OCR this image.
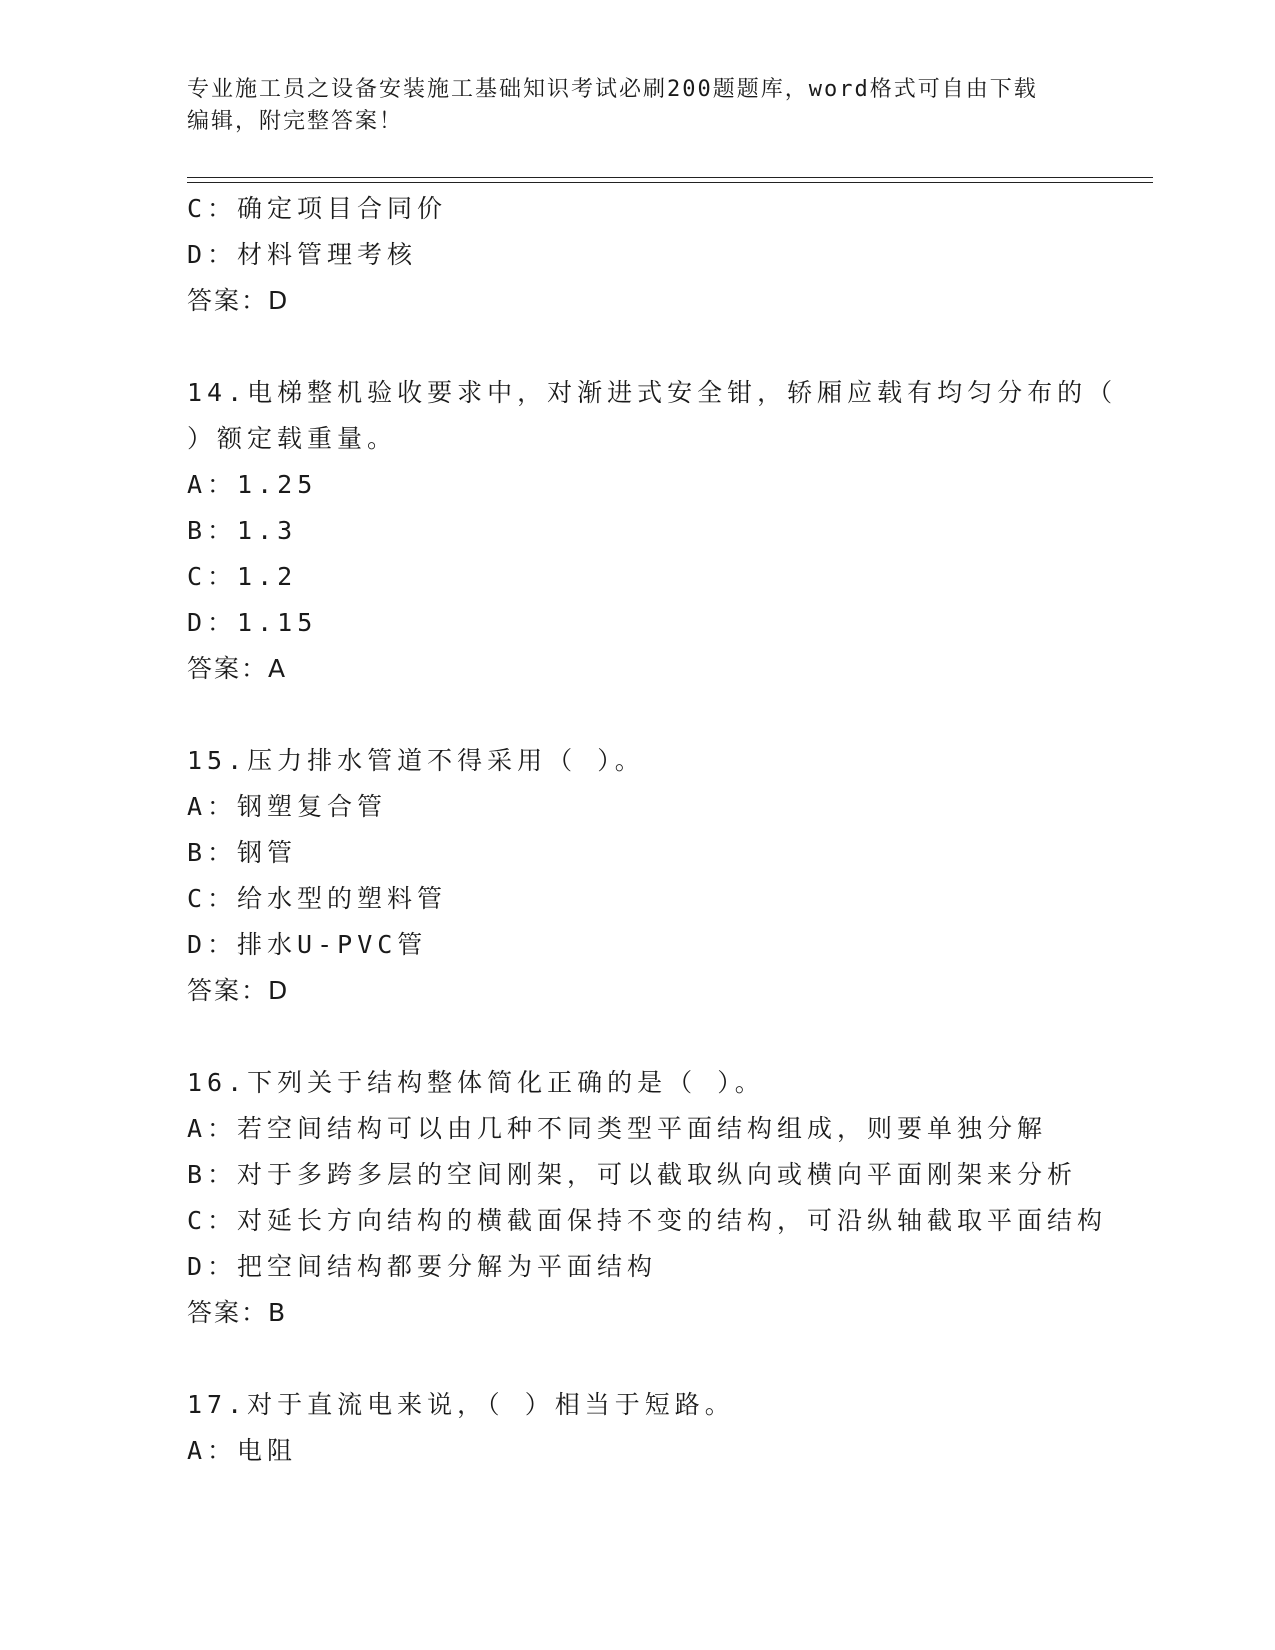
专业施工员之设备安装施工基础知识考试必刷200题题库，word格式可自由下载
编辑，附完整答案！
C：确定项目合同价
D：材料管理考核
答案：D
14.电梯整机验收要求中，对渐进式安全钳，轿厢应载有均匀分布的（
）额定载重量。
A：1.25
B：1.3
C：1.2
D：1.15
答案：A
15.压力排水管道不得采用（ ）。
A：钢塑复合管
B：钢管
C：给水型的塑料管
D：排水U-PVC管
答案：D
16.下列关于结构整体简化正确的是（ ）。
A：若空间结构可以由几种不同类型平面结构组成，则要单独分解
B：对于多跨多层的空间刚架，可以截取纵向或横向平面刚架来分析
C：对延长方向结构的横截面保持不变的结构，可沿纵轴截取平面结构
D：把空间结构都要分解为平面结构
答案：B
17.对于直流电来说，（ ）相当于短路。
A：电阻
